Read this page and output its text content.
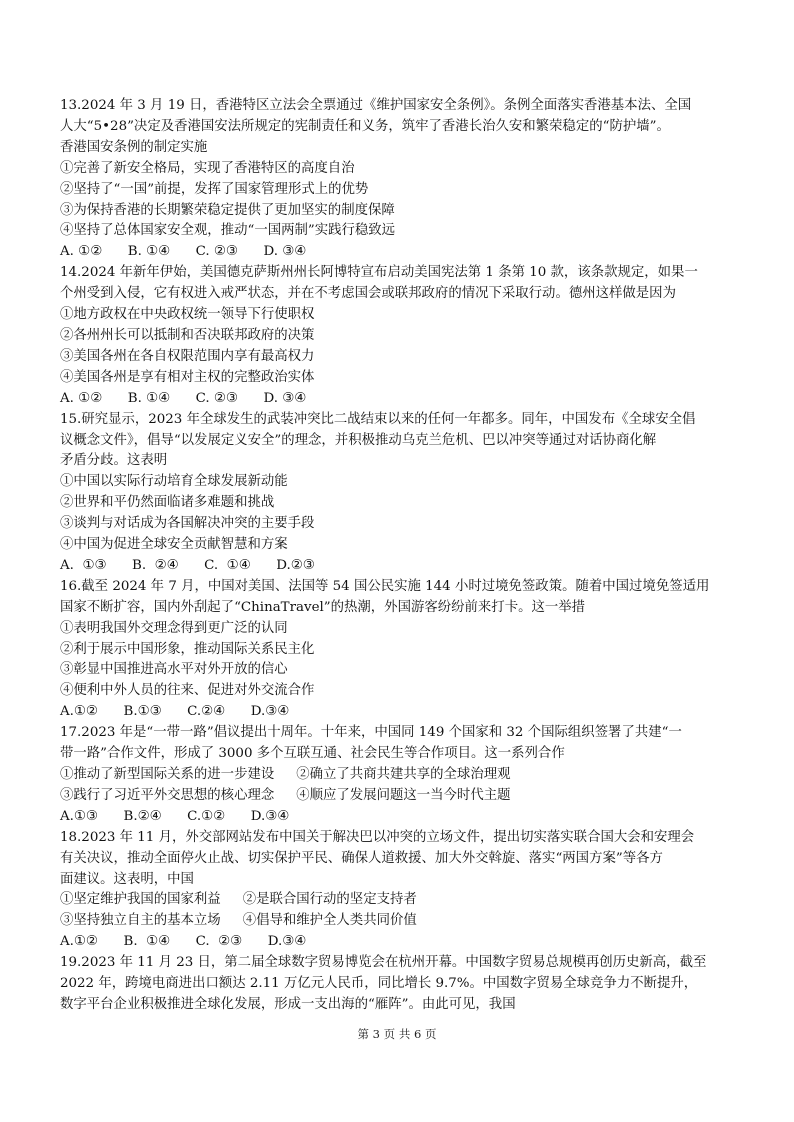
13.2024 年 3 月 19 日，香港特区立法会全票通过《维护国家安全条例》。条例全面落实香港基本法、全国
人大“5•28”决定及香港国安法所规定的宪制责任和义务，筑牢了香港长治久安和繁荣稳定的“防护墙”。
香港国安条例的制定实施
①完善了新安全格局，实现了香港特区的高度自治
②坚持了“一国”前提，发挥了国家管理形式上的优势
③为保持香港的长期繁荣稳定提供了更加坚实的制度保障
④坚持了总体国家安全观，推动“一国两制”实践行稳致远
A. ①②      B. ①④      C. ②③      D. ③④
14.2024 年新年伊始，美国德克萨斯州州长阿博特宣布启动美国宪法第 1 条第 10 款，该条款规定，如果一
个州受到入侵，它有权进入戒严状态，并在不考虑国会或联邦政府的情况下采取行动。德州这样做是因为
①地方政权在中央政权统一领导下行使职权
②各州州长可以抵制和否决联邦政府的决策
③美国各州在各自权限范围内享有最高权力
④美国各州是享有相对主权的完整政治实体
A. ①②      B. ①④      C. ②③      D. ③④
15.研究显示，2023 年全球发生的武装冲突比二战结束以来的任何一年都多。同年，中国发布《全球安全倡
议概念文件》，倡导“以发展定义安全”的理念，并积极推动乌克兰危机、巴以冲突等通过对话协商化解
矛盾分歧。这表明
①中国以实际行动培育全球发展新动能
②世界和平仍然面临诸多难题和挑战
③谈判与对话成为各国解决冲突的主要手段
④中国为促进全球安全贡献智慧和方案
A.  ①③      B.  ②④      C.  ①④      D.②③
16.截至 2024 年 7 月，中国对美国、法国等 54 国公民实施 144 小时过境免签政策。随着中国过境免签适用
国家不断扩容，国内外刮起了“ChinaTravel”的热潮，外国游客纷纷前来打卡。这一举措
①表明我国外交理念得到更广泛的认同
②利于展示中国形象，推动国际关系民主化
③彰显中国推进高水平对外开放的信心
④便利中外人员的往来、促进对外交流合作
A.①②      B.①③      C.②④      D.③④
17.2023 年是“一带一路”倡议提出十周年。十年来，中国同 149 个国家和 32 个国际组织签署了共建“一
带一路”合作文件，形成了 3000 多个互联互通、社会民生等合作项目。这一系列合作
①推动了新型国际关系的进一步建设 ②确立了共商共建共享的全球治理观
③践行了习近平外交思想的核心理念 ④顺应了发展问题这一当今时代主题
A.①③      B.②④      C.①②      D.③④
18.2023 年 11 月，外交部网站发布中国关于解决巴以冲突的立场文件，提出切实落实联合国大会和安理会
有关决议，推动全面停火止战、切实保护平民、确保人道救援、加大外交斡旋、落实“两国方案”等各方
面建议。这表明，中国
①坚定维护我国的国家利益 ②是联合国行动的坚定支持者
③坚持独立自主的基本立场 ④倡导和维护全人类共同价值
A.①②      B.  ①④      C.  ②③      D.③④
19.2023 年 11 月 23 日，第二届全球数字贸易博览会在杭州开幕。中国数字贸易总规模再创历史新高，截至
2022 年，跨境电商进出口额达 2.11 万亿元人民币，同比增长 9.7%。中国数字贸易全球竞争力不断提升，
数字平台企业积极推进全球化发展，形成一支出海的“雁阵”。由此可见，我国
第 3 页 共 6 页
